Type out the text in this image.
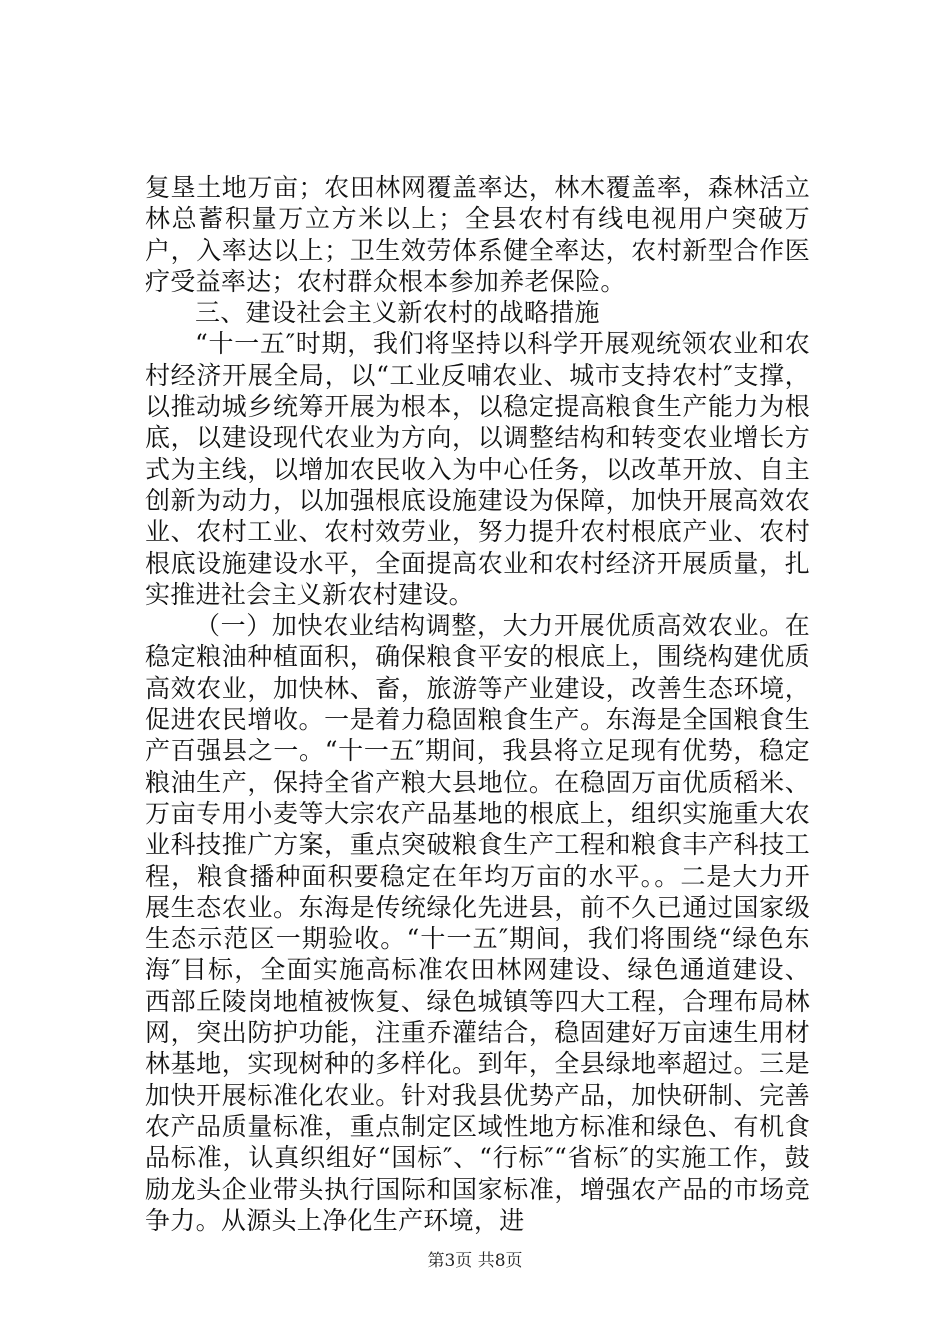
复垦土地万亩；农田林网覆盖率达，林木覆盖率，森林活立林总蓄积量万立方米以上；全县农村有线电视用户突破万户，入率达以上；卫生效劳体系健全率达，农村新型合作医疗受益率达；农村群众根本参加养老保险。

三、建设社会主义新农村的战略措施

“十一五″时期，我们将坚持以科学开展观统领农业和农村经济开展全局，以“工业反哺农业、城市支持农村″支撑，以推动城乡统筹开展为根本，以稳定提高粮食生产能力为根底，以建设现代农业为方向，以调整结构和转变农业增长方式为主线，以增加农民收入为中心任务，以改革开放、自主创新为动力，以加强根底设施建设为保障，加快开展高效农业、农村工业、农村效劳业，努力提升农村根底产业、农村根底设施建设水平，全面提高农业和农村经济开展质量，扎实推进社会主义新农村建设。

（一）加快农业结构调整，大力开展优质高效农业。在稳定粮油种植面积，确保粮食平安的根底上，围绕构建优质高效农业，加快林、畜，旅游等产业建设，改善生态环境，促进农民增收。一是着力稳固粮食生产。东海是全国粮食生产百强县之一。“十一五″期间，我县将立足现有优势，稳定粮油生产，保持全省产粮大县地位。在稳固万亩优质稻米、万亩专用小麦等大宗农产品基地的根底上，组织实施重大农业科技推广方案，重点突破粮食生产工程和粮食丰产科技工程，粮食播种面积要稳定在年均万亩的水平。。二是大力开展生态农业。东海是传统绿化先进县，前不久已通过国家级生态示范区一期验收。“十一五″期间，我们将围绕“绿色东海″目标，全面实施高标准农田林网建设、绿色通道建设、西部丘陵岗地植被恢复、绿色城镇等四大工程，合理布局林网，突出防护功能，注重乔灌结合，稳固建好万亩速生用材林基地，实现树种的多样化。到年，全县绿地率超过。三是加快开展标准化农业。针对我县优势产品，加快研制、完善农产品质量标准，重点制定区域性地方标准和绿色、有机食品标准，认真织组好“国标″、“行标″“省标″的实施工作，鼓励龙头企业带头执行国际和国家标准，增强农产品的市场竞争力。从源头上净化生产环境，进

第3页 共8页
